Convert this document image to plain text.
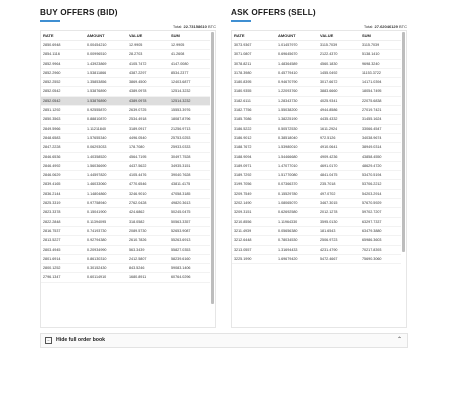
BUY OFFERS (BID)
Total: 22.73158610 BTC
RATE	AMOUNT	VALUE	SUM
2850.6948	0.00454210	12.9905	12.9905
2854.1116	0.00996510	28.2703	41.2608
2852.9964	1.43923869	4105.7472	4147.0080
2852.2960	1.53811866	4387.2297	8534.2377
2852.2552	1.35853856	3869.4500	12403.6877
2852.0542	1.53876890	4389.0978	12514.3232
2852.0542	1.53876890	4389.0978	12514.3232
2851.1292	0.92555870	2639.0725	15553.3976
2850.3563	0.88810870	2534.4918	18087.8796
2849.5966	1.11211840	3189.0917	21256.9713
2848.6583	1.57655340	4496.0540	25753.0253
2847.2228	0.06293033	178.7080	25933.0333
2846.6536	1.40358520	4564.7195	30497.7528
2846.4992	1.56036690	4437.5622	34935.3151
2846.0629	1.44597820	4105.4476	39040.7628
2839.4165	1.46033060	4770.6546	43811.4175
2836.2144	1.14804860	3246.9010	47058.3185
2825.3319	0.97758940	2762.0428	49820.3613
2823.3378	0.15041900	424.6862	50245.0475
2822.2848	0.11394095	318.0582	50563.3357
2816.7537	0.74193730	2089.5730	52653.9087
2813.5227	0.92794380	2610.7826	55263.6913
2803.4945	0.20934990	563.3439	55827.0353
2801.6914	0.86130310	2412.5807	58239.6160
2800.1252	0.30152430	843.5246	59083.1406
2796.1347	0.60114910	1680.8911	60764.0296
ASK OFFERS (SELL)
Total: 27.62046129 BTC
RATE	AMOUNT	VALUE	SUM
3073.9367	1.01457970	3115.7039	3115.7039
3071.0807	0.69645670	2122.4370	5138.1410
3078.8211	1.48364589	4560.1830	9698.3240
3178.3980	0.45779410	1455.0492	11153.3722
3180.8395	0.94670790	3017.6672	14171.0394
3180.9355	1.22093760	3883.6660	18054.7495
3182.6111	1.28343730	4025.9341	22075.6838
3182.7756	1.55038200	4944.8586	27019.7421
3185.7086	1.38225190	4435.4332	31455.1624
3186.5222	0.50572530	1611.2924	33066.4547
3186.9012	0.38518040	972.5126	34038.9674
3188.7672	1.53980010	4910.0641	38949.0314
3188.9094	1.54466680	4909.4236	43858.4550
3189.0971	1.47077010	4691.0170	48629.4720
3189.7292	1.51770080	4841.0475	53470.5194
3199.7056	0.07366370	235.7018	53706.2212
3209.7549	0.15529780	497.0702	54203.2914
3202.1490	1.08065070	3467.3015	57670.5929
3209.3151	0.62692580	2012.1278	59702.7207
3210.8556	1.11964330	3595.0130	63297.7337
3211.4939	0.05656380	181.6543	63479.3880
3212.6448	0.78034530	2506.9723	65986.3603
3213.0557	1.31694433	4231.4790	70217.8393
3225.1990	1.69679420	5472.4667	75690.3060
−	Hide full order book	⌃
